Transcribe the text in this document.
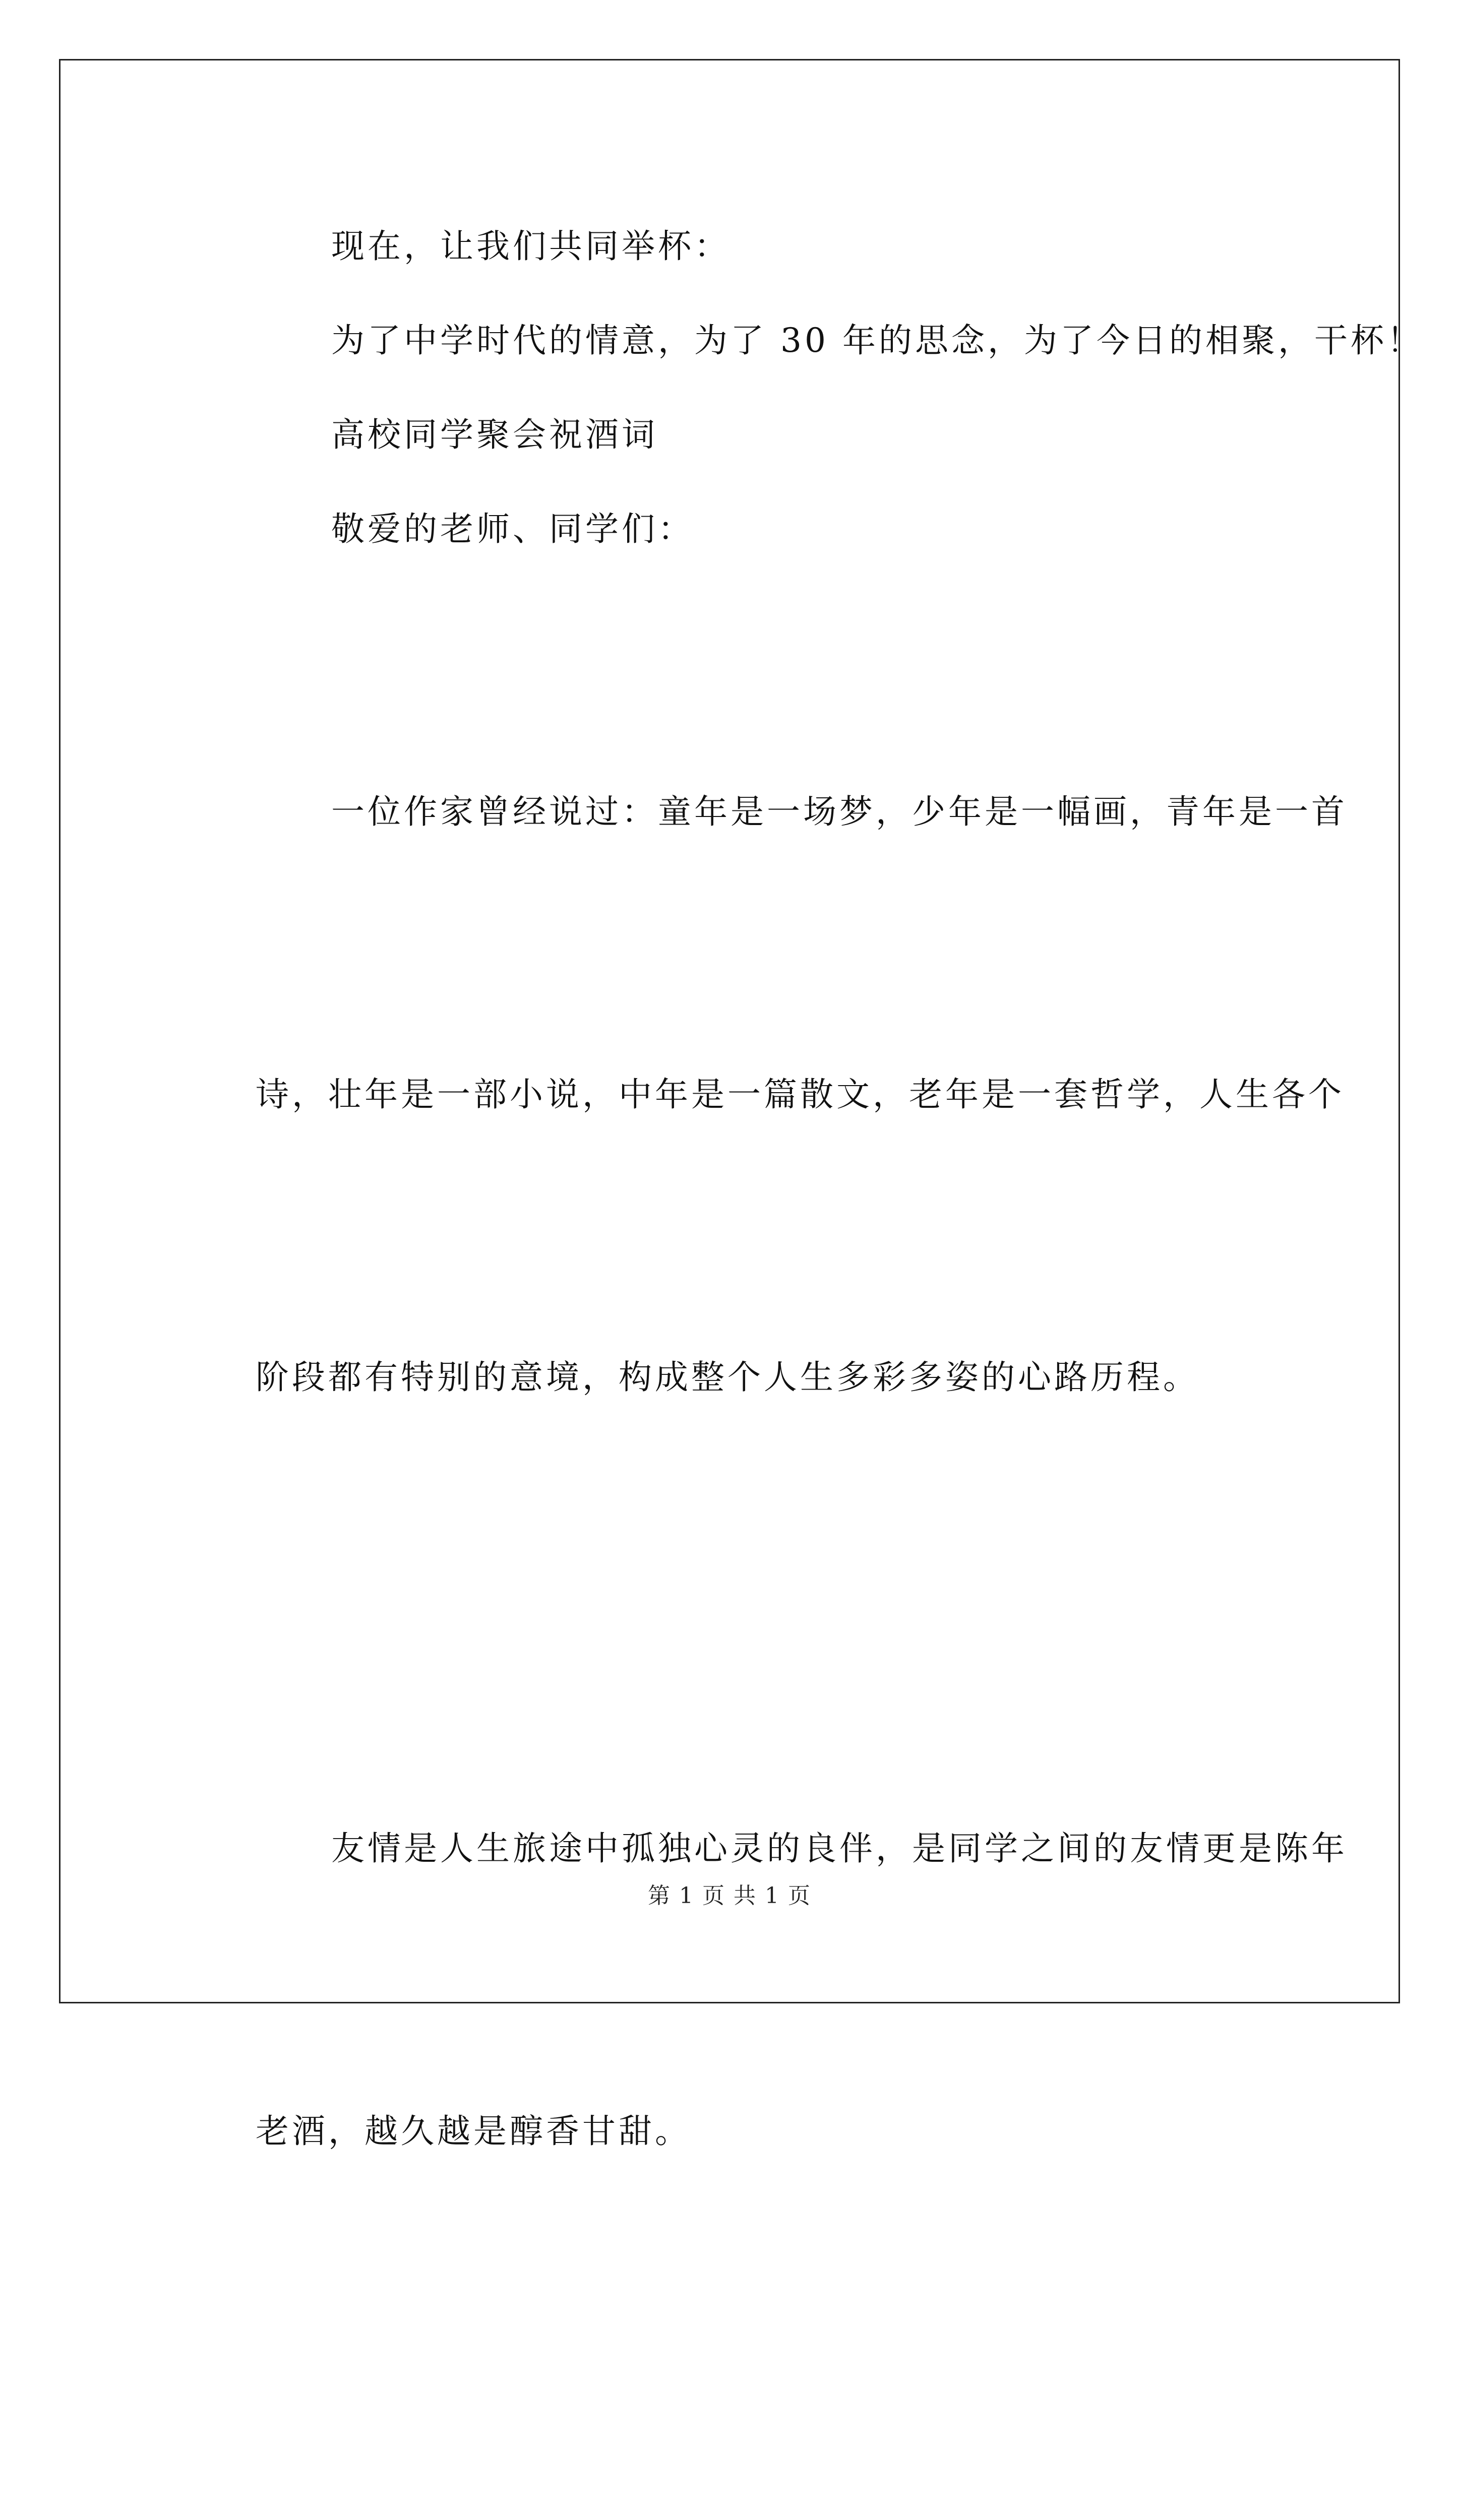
现在，让我们共同举杯：

为了中学时代的情意，为了 30 年的思念，为了今日的相聚，干杯！

高校同学聚会祝酒词

敬爱的老师、同学们：

一位作家曾经说过：童年是一场梦，少年是一幅画，青年是一首

诗，壮年是一部小说，中年是一篇散文，老年是一套哲学，人生各个

阶段都有特别的意境，构成整个人生多彩多姿的心路历程。

友情是人生旅途中孤独心灵的良伴，是同学之间的友情更是陈年

老酒，越久越是醇香甘甜。

第 1 页 共 1 页
